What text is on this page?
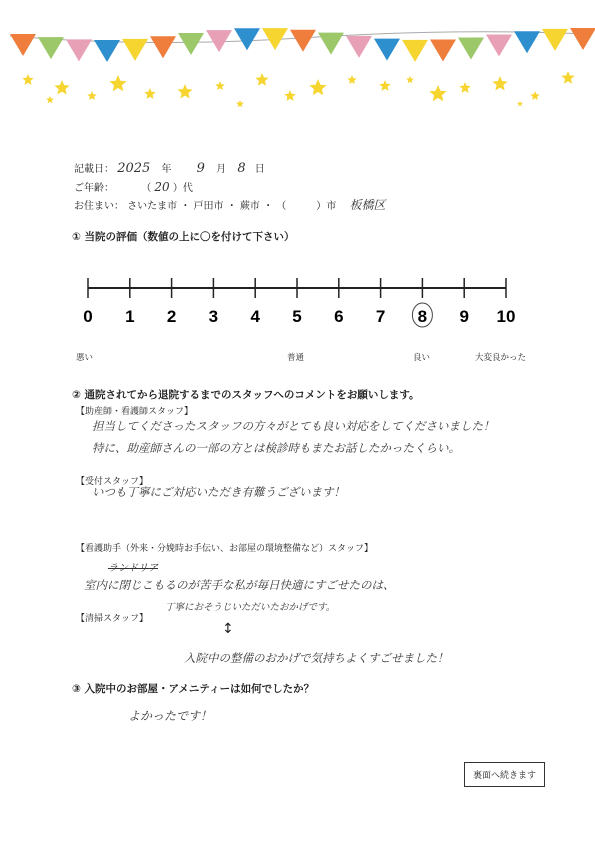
記載日： 2025 年 9 月 8 日
ご年齢：	（ 20 ）代
お住まい： さいたま市 ・ 戸田市 ・ 蕨市 ・ （　　　）市 板橋区
① 当院の評価（数値の上に〇を付けて下さい）
0 1 2 3 4 5 6 7 8 9 10
悪い	普通	良い	大変良かった
② 通院されてから退院するまでのスタッフへのコメントをお願いします。
【助産師・看護師スタッフ】
担当してくださったスタッフの方々がとても良い対応をしてくださいました！
特に、助産師さんの一部の方とは検診時もまたお話したかったくらい。
【受付スタッフ】
いつも丁寧にご対応いただき有難うございます！
【看護助手（外来・分娩時お手伝い、お部屋の環境整備など）スタッフ】
ランドリア
室内に閉じこもるのが苦手な私が毎日快適にすごせたのは、
丁寧におそうじいただいたおかげです。
【清掃スタッフ】
↕
入院中の整備のおかげで気持ちよくすごせました！
③ 入院中のお部屋・アメニティーは如何でしたか？
よかったです！
裏面へ続きます
